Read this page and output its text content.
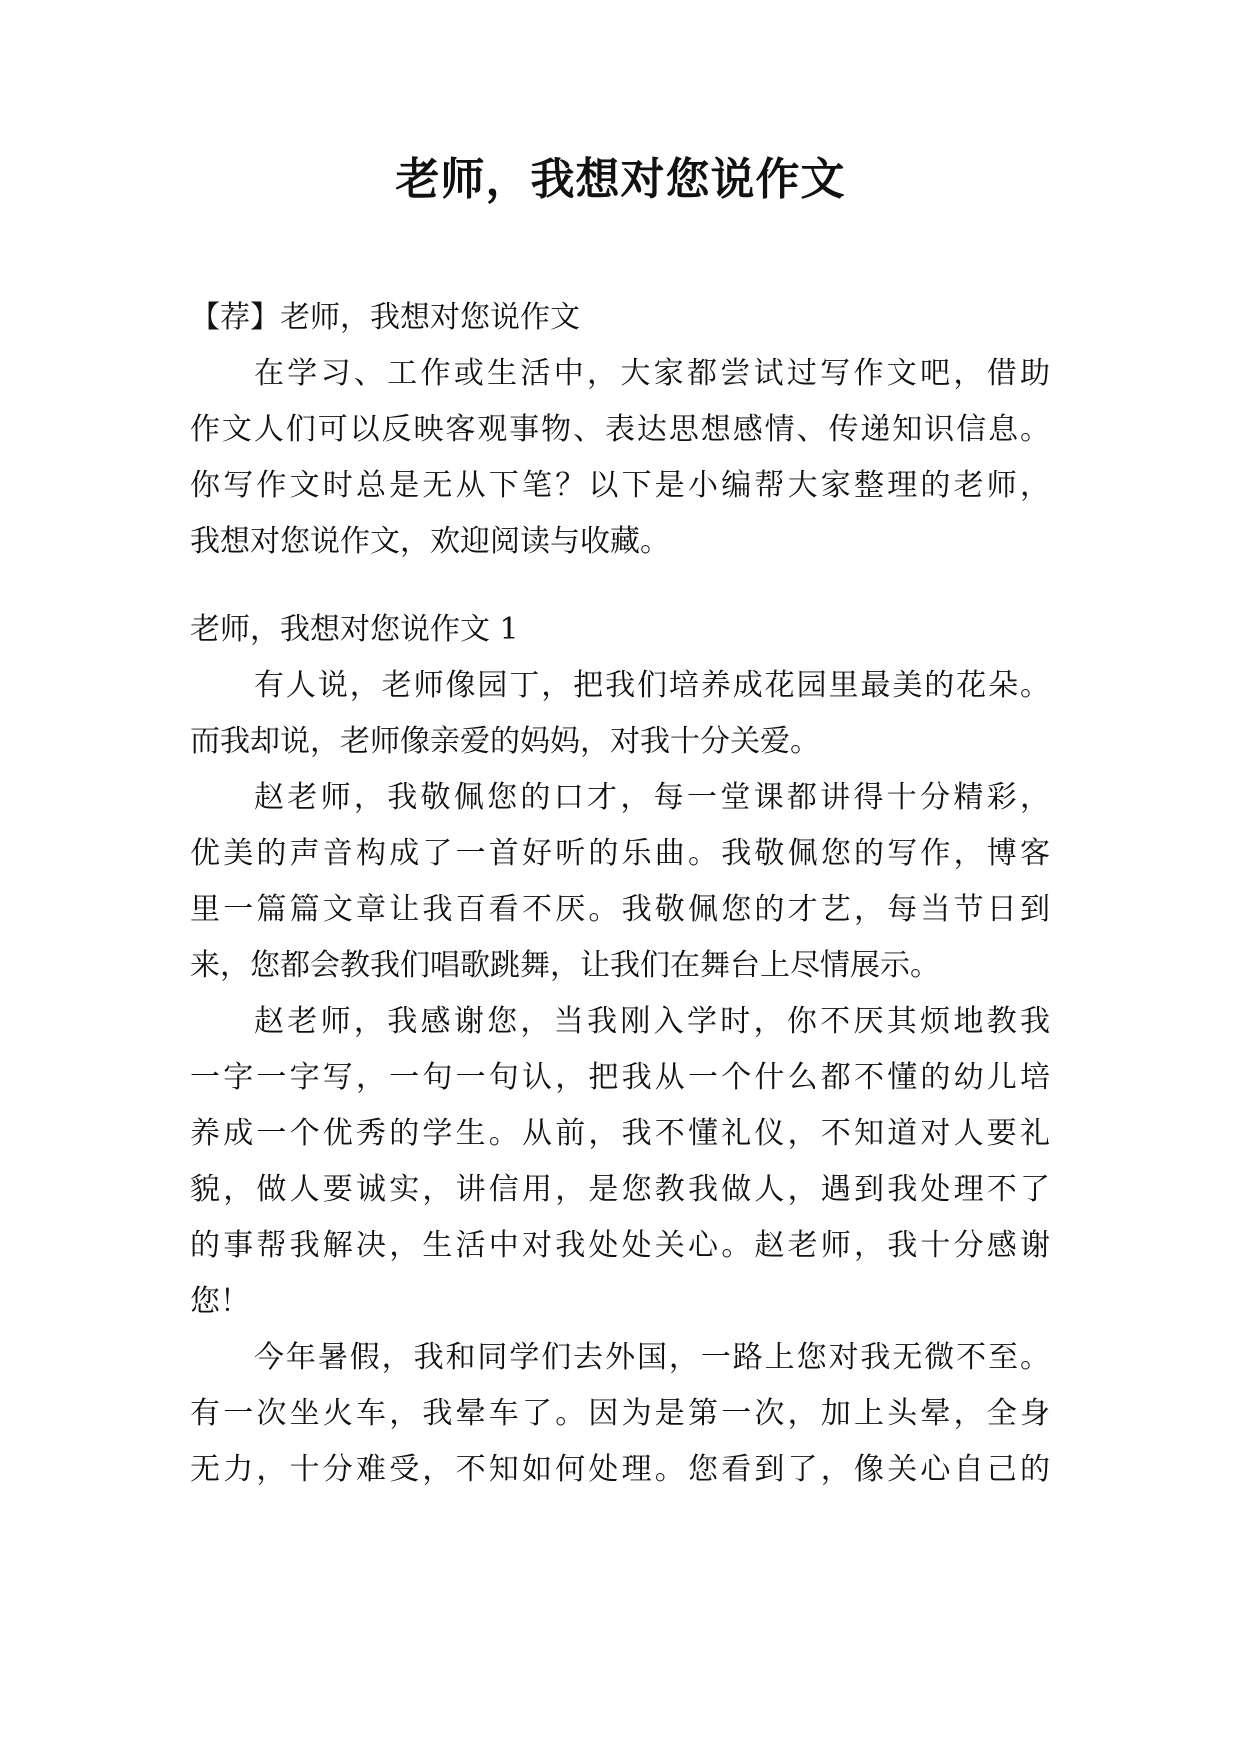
老师，我想对您说作文
【荐】老师，我想对您说作文
在学习、工作或生活中，大家都尝试过写作文吧，借助
作文人们可以反映客观事物、表达思想感情、传递知识信息。
你写作文时总是无从下笔？以下是小编帮大家整理的老师，
我想对您说作文，欢迎阅读与收藏。
老师，我想对您说作文 1
有人说，老师像园丁，把我们培养成花园里最美的花朵。
而我却说，老师像亲爱的妈妈，对我十分关爱。
赵老师，我敬佩您的口才，每一堂课都讲得十分精彩，
优美的声音构成了一首好听的乐曲。我敬佩您的写作，博客
里一篇篇文章让我百看不厌。我敬佩您的才艺，每当节日到
来，您都会教我们唱歌跳舞，让我们在舞台上尽情展示。
赵老师，我感谢您，当我刚入学时，你不厌其烦地教我
一字一字写，一句一句认，把我从一个什么都不懂的幼儿培
养成一个优秀的学生。从前，我不懂礼仪，不知道对人要礼
貌，做人要诚实，讲信用，是您教我做人，遇到我处理不了
的事帮我解决，生活中对我处处关心。赵老师，我十分感谢
您！
今年暑假，我和同学们去外国，一路上您对我无微不至。
有一次坐火车，我晕车了。因为是第一次，加上头晕，全身
无力，十分难受，不知如何处理。您看到了，像关心自己的
